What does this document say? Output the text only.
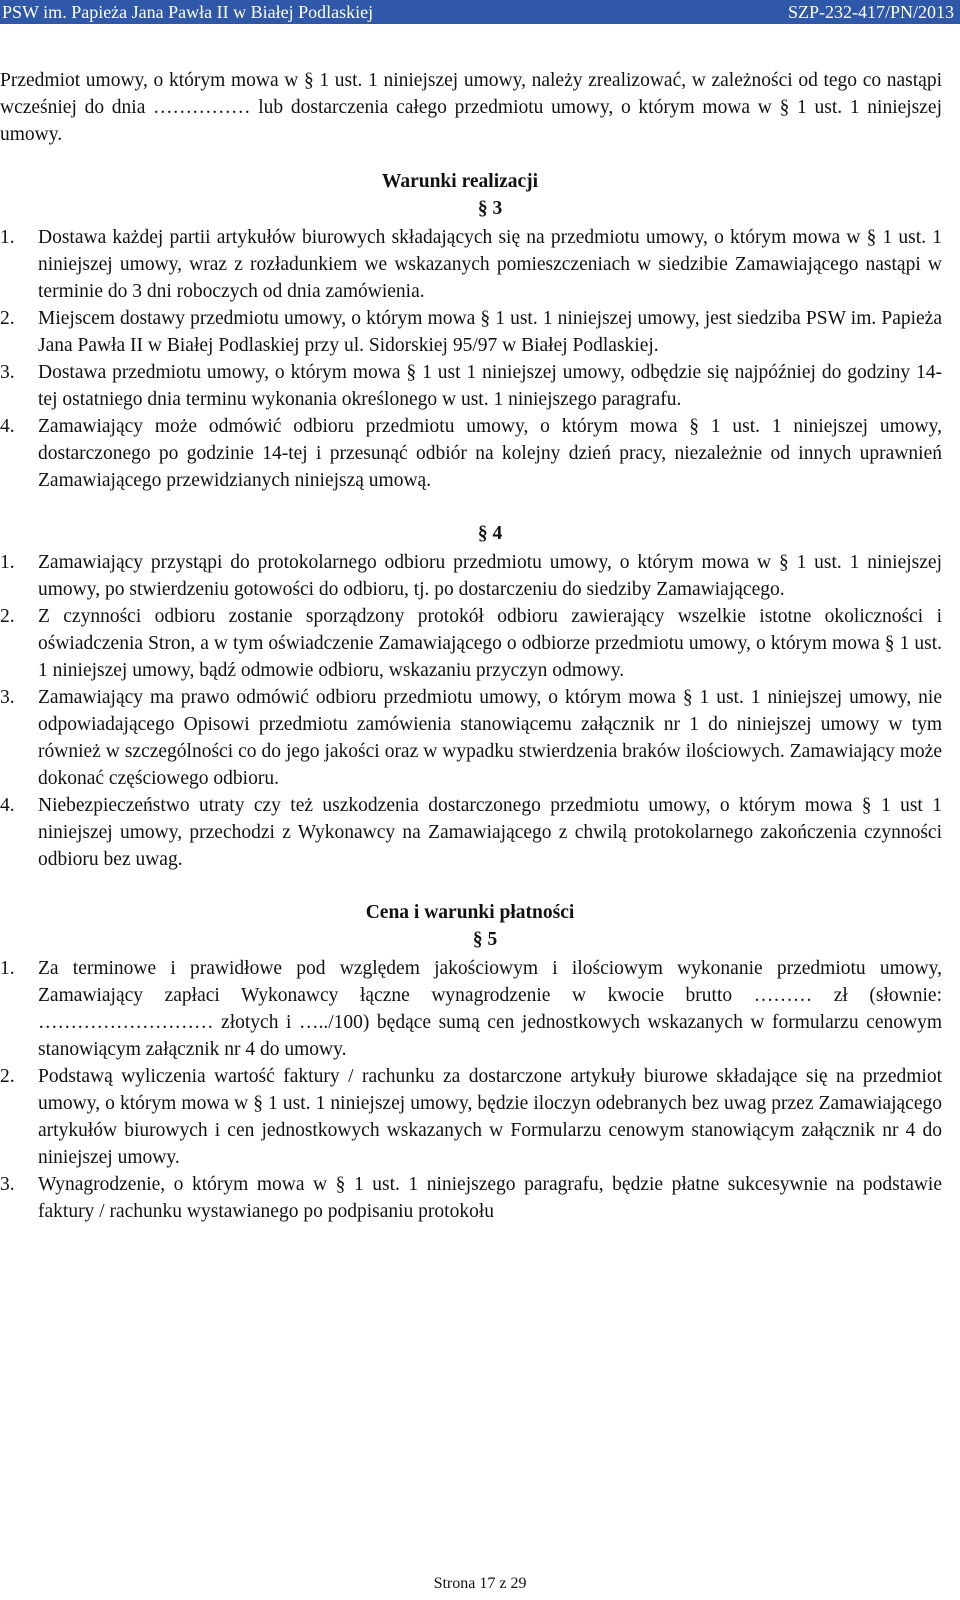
PSW im. Papieża Jana Pawła II w Białej Podlaskiej	SZP-232-417/PN/2013

Przedmiot umowy, o którym mowa w § 1 ust. 1 niniejszej umowy, należy zrealizować, w zależności od tego co nastąpi wcześniej do dnia …………… lub dostarczenia całego przedmiotu umowy, o którym mowa w § 1 ust. 1 niniejszej umowy.

Warunki realizacji
§ 3
1. Dostawa każdej partii artykułów biurowych składających się na przedmiotu umowy, o którym mowa w § 1 ust. 1 niniejszej umowy, wraz z rozładunkiem we wskazanych pomieszczeniach w siedzibie Zamawiającego nastąpi w terminie do 3 dni roboczych od dnia zamówienia.
2. Miejscem dostawy przedmiotu umowy, o którym mowa § 1 ust. 1 niniejszej umowy, jest siedziba PSW im. Papieża Jana Pawła II w Białej Podlaskiej przy ul. Sidorskiej 95/97 w Białej Podlaskiej.
3. Dostawa przedmiotu umowy, o którym mowa § 1 ust 1 niniejszej umowy, odbędzie się najpóźniej do godziny 14-tej ostatniego dnia terminu wykonania określonego w ust. 1 niniejszego paragrafu.
4. Zamawiający może odmówić odbioru przedmiotu umowy, o którym mowa § 1 ust. 1 niniejszej umowy, dostarczonego po godzinie 14-tej i przesunąć odbiór na kolejny dzień pracy, niezależnie od innych uprawnień Zamawiającego przewidzianych niniejszą umową.
§ 4
1. Zamawiający przystąpi do protokolarnego odbioru przedmiotu umowy, o którym mowa w § 1 ust. 1 niniejszej umowy, po stwierdzeniu gotowości do odbioru, tj. po dostarczeniu do siedziby Zamawiającego.
2. Z czynności odbioru zostanie sporządzony protokół odbioru zawierający wszelkie istotne okoliczności i oświadczenia Stron, a w tym oświadczenie Zamawiającego o odbiorze przedmiotu umowy, o którym mowa § 1 ust. 1 niniejszej umowy, bądź odmowie odbioru, wskazaniu przyczyn odmowy.
3. Zamawiający ma prawo odmówić odbioru przedmiotu umowy, o którym mowa § 1 ust. 1 niniejszej umowy, nie odpowiadającego Opisowi przedmiotu zamówienia stanowiącemu załącznik nr 1 do niniejszej umowy w tym również w szczególności co do jego jakości oraz w wypadku stwierdzenia braków ilościowych. Zamawiający może dokonać częściowego odbioru.
4. Niebezpieczeństwo utraty czy też uszkodzenia dostarczonego przedmiotu umowy, o którym mowa § 1 ust 1 niniejszej umowy, przechodzi z Wykonawcy na Zamawiającego z chwilą protokolarnego zakończenia czynności odbioru bez uwag.
Cena i warunki płatności
§ 5
1. Za terminowe i prawidłowe pod względem jakościowym i ilościowym wykonanie przedmiotu umowy, Zamawiający zapłaci Wykonawcy łączne wynagrodzenie w kwocie brutto ……… zł (słownie: ……………………… złotych i …../100) będące sumą cen jednostkowych wskazanych w formularzu cenowym stanowiącym załącznik nr 4 do umowy.
2. Podstawą wyliczenia wartość faktury / rachunku za dostarczone artykuły biurowe składające się na przedmiot umowy, o którym mowa w § 1 ust. 1 niniejszej umowy, będzie iloczyn odebranych bez uwag przez Zamawiającego artykułów biurowych i cen jednostkowych wskazanych w Formularzu cenowym stanowiącym załącznik nr 4 do niniejszej umowy.
3. Wynagrodzenie, o którym mowa w § 1 ust. 1 niniejszego paragrafu, będzie płatne sukcesywnie na podstawie faktury / rachunku wystawianego po podpisaniu protokołu
Strona 17 z 29
